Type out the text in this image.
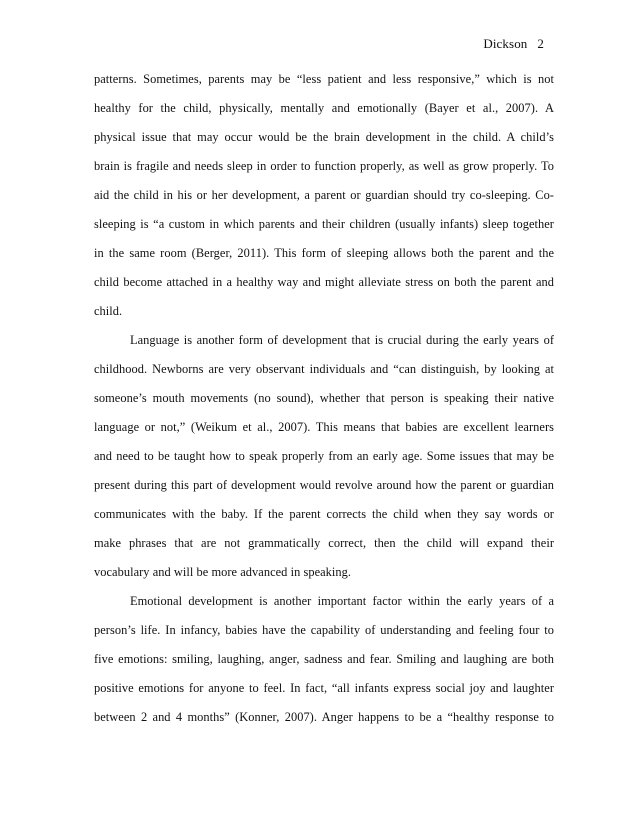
Dickson 2
patterns. Sometimes, parents may be “less patient and less responsive,” which is not
healthy for the child, physically, mentally and emotionally (Bayer et al., 2007). A
physical issue that may occur would be the brain development in the child. A child’s
brain is fragile and needs sleep in order to function properly, as well as grow properly. To
aid the child in his or her development, a parent or guardian should try co-sleeping. Co-
sleeping is “a custom in which parents and their children (usually infants) sleep together
in the same room (Berger, 2011). This form of sleeping allows both the parent and the
child become attached in a healthy way and might alleviate stress on both the parent and
child.
Language is another form of development that is crucial during the early years of
childhood. Newborns are very observant individuals and “can distinguish, by looking at
someone’s mouth movements (no sound), whether that person is speaking their native
language or not,” (Weikum et al., 2007). This means that babies are excellent learners
and need to be taught how to speak properly from an early age. Some issues that may be
present during this part of development would revolve around how the parent or guardian
communicates with the baby. If the parent corrects the child when they say words or
make phrases that are not grammatically correct, then the child will expand their
vocabulary and will be more advanced in speaking.
Emotional development is another important factor within the early years of a
person’s life. In infancy, babies have the capability of understanding and feeling four to
five emotions: smiling, laughing, anger, sadness and fear. Smiling and laughing are both
positive emotions for anyone to feel. In fact, “all infants express social joy and laughter
between 2 and 4 months” (Konner, 2007). Anger happens to be a “healthy response to
